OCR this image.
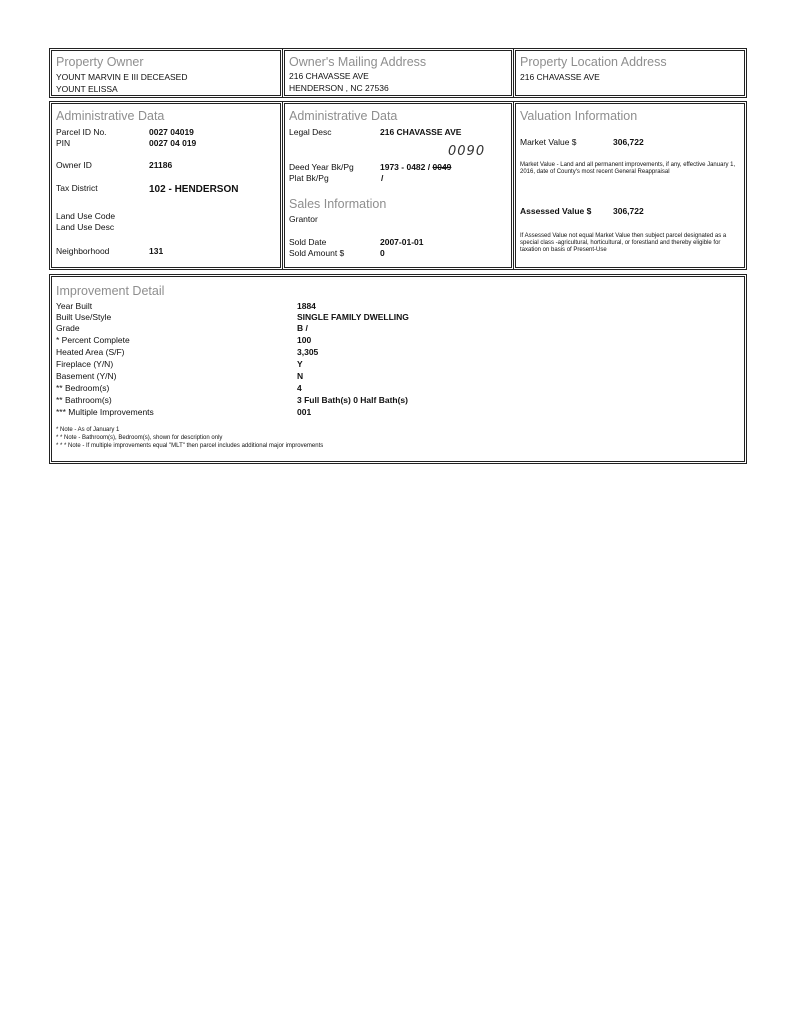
Property Owner
YOUNT MARVIN E III DECEASED
YOUNT ELISSA
Owner's Mailing Address
216 CHAVASSE AVE
HENDERSON , NC 27536
Property Location Address
216 CHAVASSE AVE
Administrative Data
Parcel ID No.	0027 04019
PIN	0027 04 019
Owner ID	21186
Tax District	102 - HENDERSON
Land Use Code
Land Use Desc
Neighborhood	131
Administrative Data
Legal Desc	216 CHAVASSE AVE
0090
Deed Year Bk/Pg	1973 - 0482 / 0049
Plat Bk/Pg	/
Sales Information
Grantor
Sold Date	2007-01-01
Sold Amount $	0
Valuation Information
Market Value $	306,722
Market Value - Land and all permanent improvements, if any, effective January 1, 2016, date of County's most recent General Reappraisal
Assessed Value $	306,722
If Assessed Value not equal Market Value then subject parcel designated as a special class -agricultural, horticultural, or forestland and thereby eligible for taxation on basis of Present-Use
Improvement Detail
Year Built	1884
Built Use/Style	SINGLE FAMILY DWELLING
Grade	B /
* Percent Complete	100
Heated Area (S/F)	3,305
Fireplace (Y/N)	Y
Basement (Y/N)	N
** Bedroom(s)	4
** Bathroom(s)	3 Full Bath(s) 0 Half Bath(s)
*** Multiple Improvements	001
* Note - As of January 1
* * Note - Bathroom(s), Bedroom(s), shown for description only
* * * Note - If multiple improvements equal "MLT" then parcel includes additional major improvements
